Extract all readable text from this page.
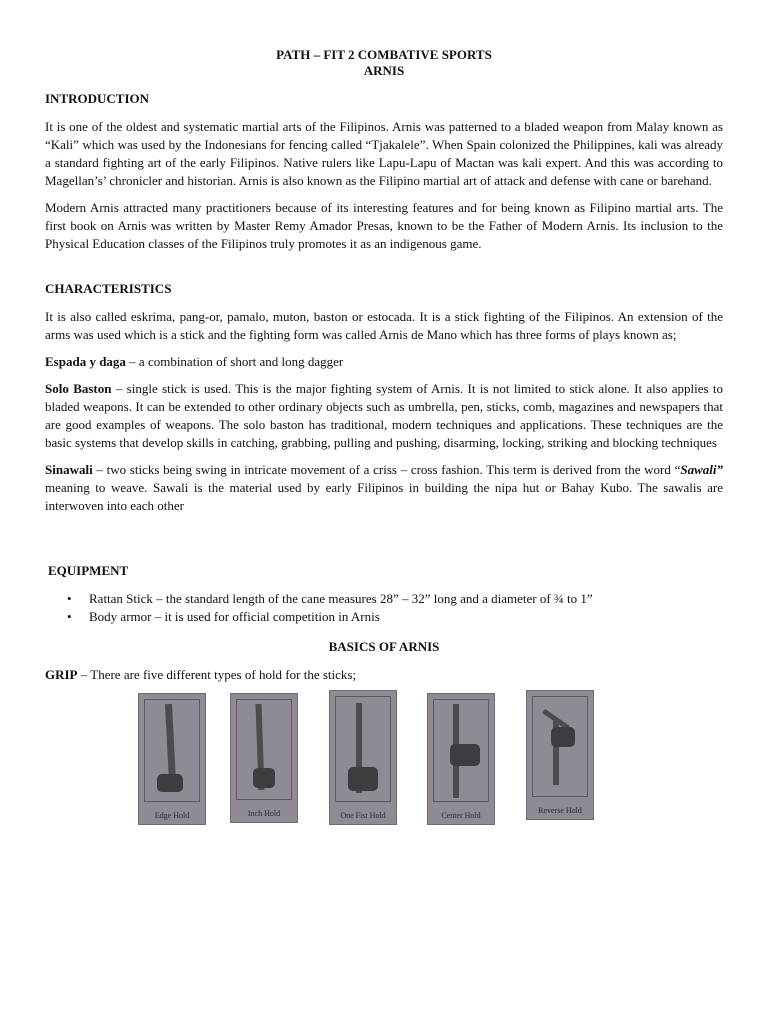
PATH – FIT 2 COMBATIVE SPORTS
ARNIS
INTRODUCTION

It is one of the oldest and systematic martial arts of the Filipinos. Arnis was patterned to a bladed weapon from Malay known as “Kali” which was used by the Indonesians for fencing called “Tjakalele”. When Spain colonized the Philippines, kali was already a standard fighting art of the early Filipinos. Native rulers like Lapu-Lapu of Mactan was kali expert. And this was according to Magellan’s’ chronicler and historian. Arnis is also known as the Filipino martial art of attack and defense with cane or barehand.

Modern Arnis attracted many practitioners because of its interesting features and for being known as Filipino martial arts. The first book on Arnis was written by Master Remy Amador Presas, known to be the Father of Modern Arnis. Its inclusion to the Physical Education classes of the Filipinos truly promotes it as an indigenous game.

CHARACTERISTICS

It is also called eskrima, pang-or, pamalo, muton, baston or estocada. It is a stick fighting of the Filipinos. An extension of the arms was used which is a stick and the fighting form was called Arnis de Mano which has three forms of plays known as;

Espada y daga – a combination of short and long dagger

Solo Baston – single stick is used. This is the major fighting system of Arnis. It is not limited to stick alone. It also applies to bladed weapons. It can be extended to other ordinary objects such as umbrella, pen, sticks, comb, magazines and newspapers that are good examples of weapons. The solo baston has traditional, modern techniques and applications. These techniques are the basic systems that develop skills in catching, grabbing, pulling and pushing, disarming, locking, striking and blocking techniques

Sinawali – two sticks being swing in intricate movement of a criss – cross fashion. This term is derived from the word “Sawali” meaning to weave. Sawali is the material used by early Filipinos in building the nipa hut or Bahay Kubo. The sawalis are interwoven into each other

EQUIPMENT
• Rattan Stick – the standard length of the cane measures 28” – 32” long and a diameter of ¾ to 1”
• Body armor – it is used for official competition in Arnis
BASICS OF ARNIS

GRIP – There are five different types of hold for the sticks;

Edge Hold	Inch Hold	One Fist Hold	Center Hold
Reverse Hold
